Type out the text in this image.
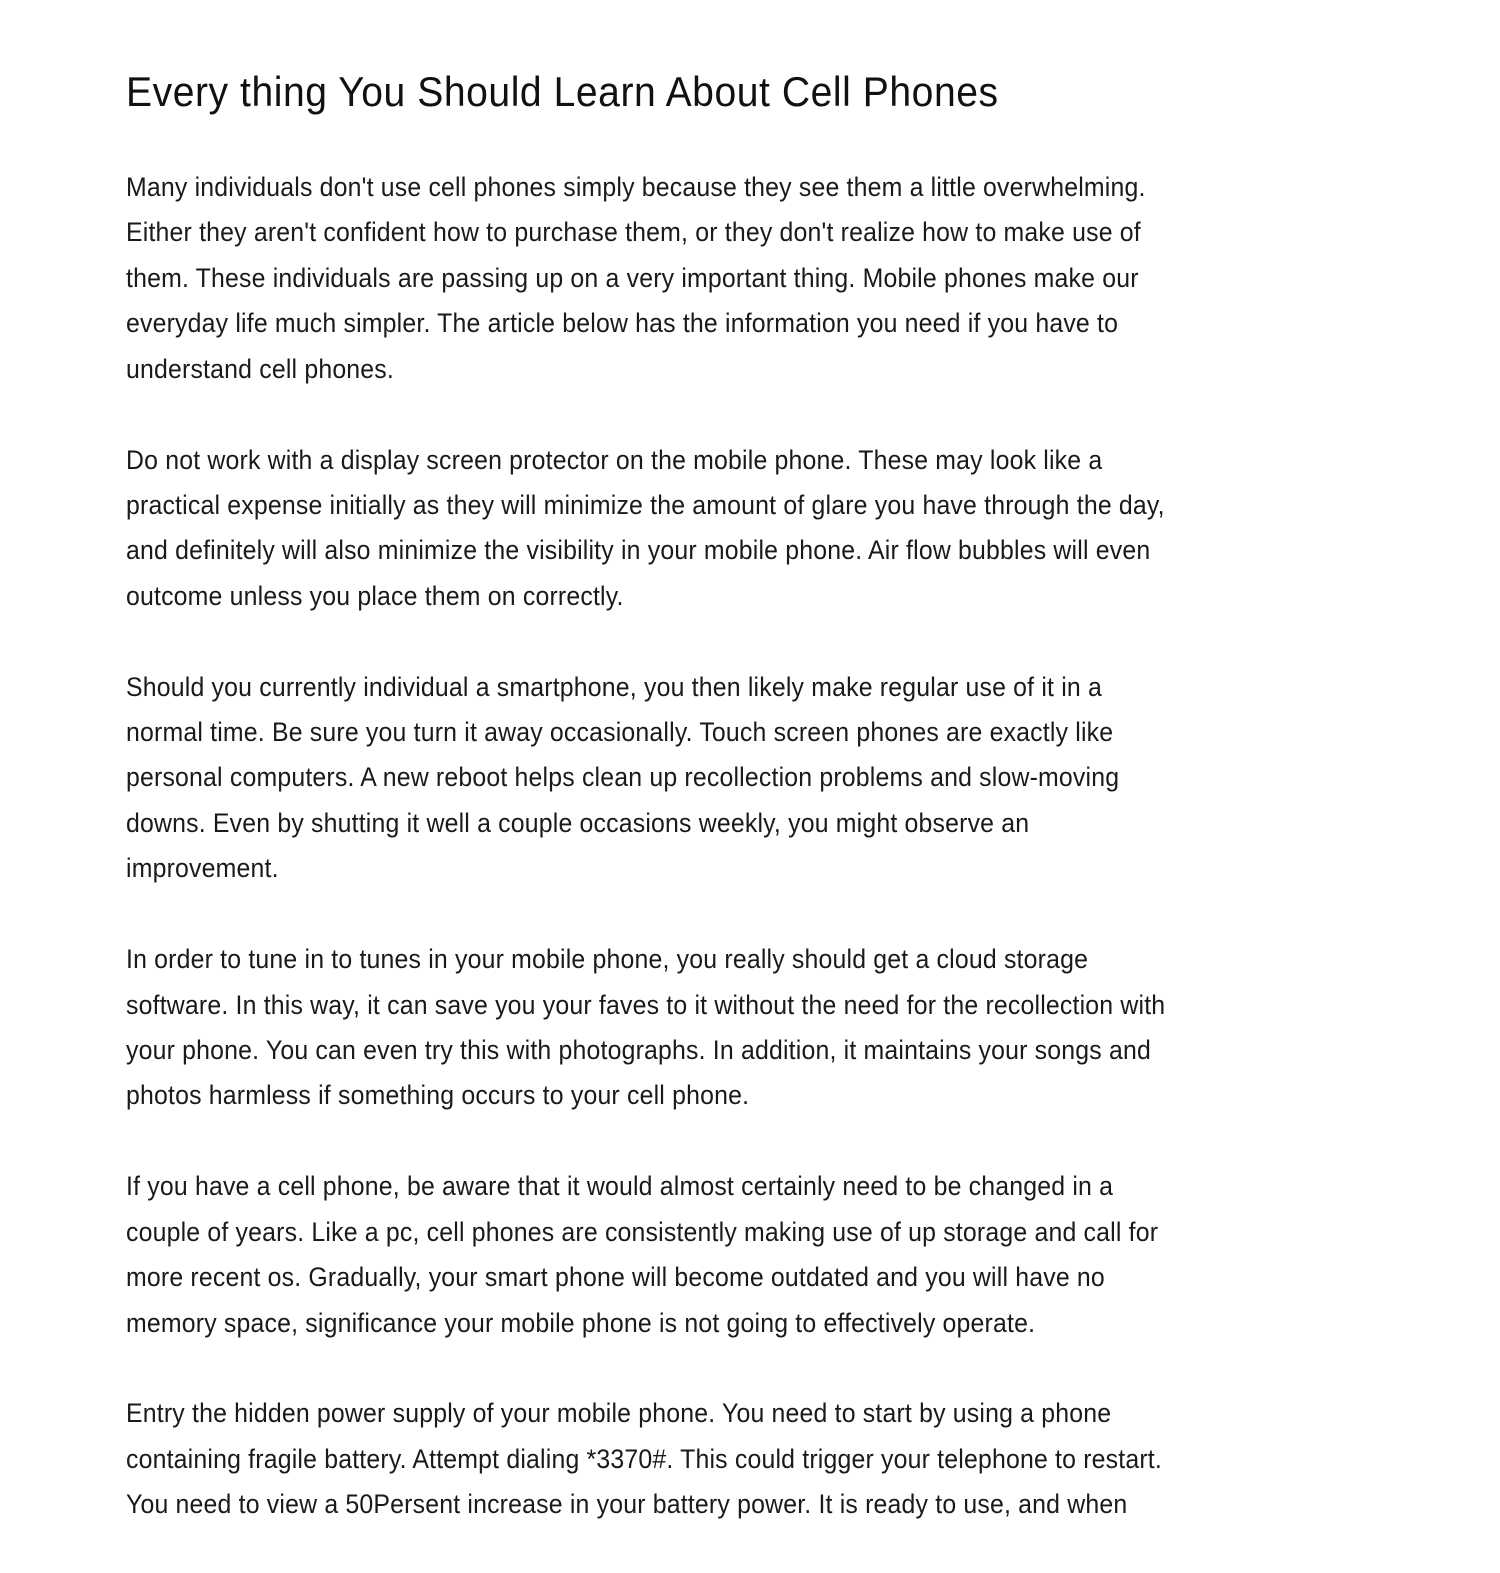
Every thing You Should Learn About Cell Phones

Many individuals don't use cell phones simply because they see them a little overwhelming.
Either they aren't confident how to purchase them, or they don't realize how to make use of
them. These individuals are passing up on a very important thing. Mobile phones make our
everyday life much simpler. The article below has the information you need if you have to
understand cell phones.

Do not work with a display screen protector on the mobile phone. These may look like a
practical expense initially as they will minimize the amount of glare you have through the day,
and definitely will also minimize the visibility in your mobile phone. Air flow bubbles will even
outcome unless you place them on correctly.

Should you currently individual a smartphone, you then likely make regular use of it in a
normal time. Be sure you turn it away occasionally. Touch screen phones are exactly like
personal computers. A new reboot helps clean up recollection problems and slow-moving
downs. Even by shutting it well a couple occasions weekly, you might observe an
improvement.

In order to tune in to tunes in your mobile phone, you really should get a cloud storage
software. In this way, it can save you your faves to it without the need for the recollection with
your phone. You can even try this with photographs. In addition, it maintains your songs and
photos harmless if something occurs to your cell phone.

If you have a cell phone, be aware that it would almost certainly need to be changed in a
couple of years. Like a pc, cell phones are consistently making use of up storage and call for
more recent os. Gradually, your smart phone will become outdated and you will have no
memory space, significance your mobile phone is not going to effectively operate.

Entry the hidden power supply of your mobile phone. You need to start by using a phone
containing fragile battery. Attempt dialing *3370#. This could trigger your telephone to restart.
You need to view a 50Persent increase in your battery power. It is ready to use, and when
